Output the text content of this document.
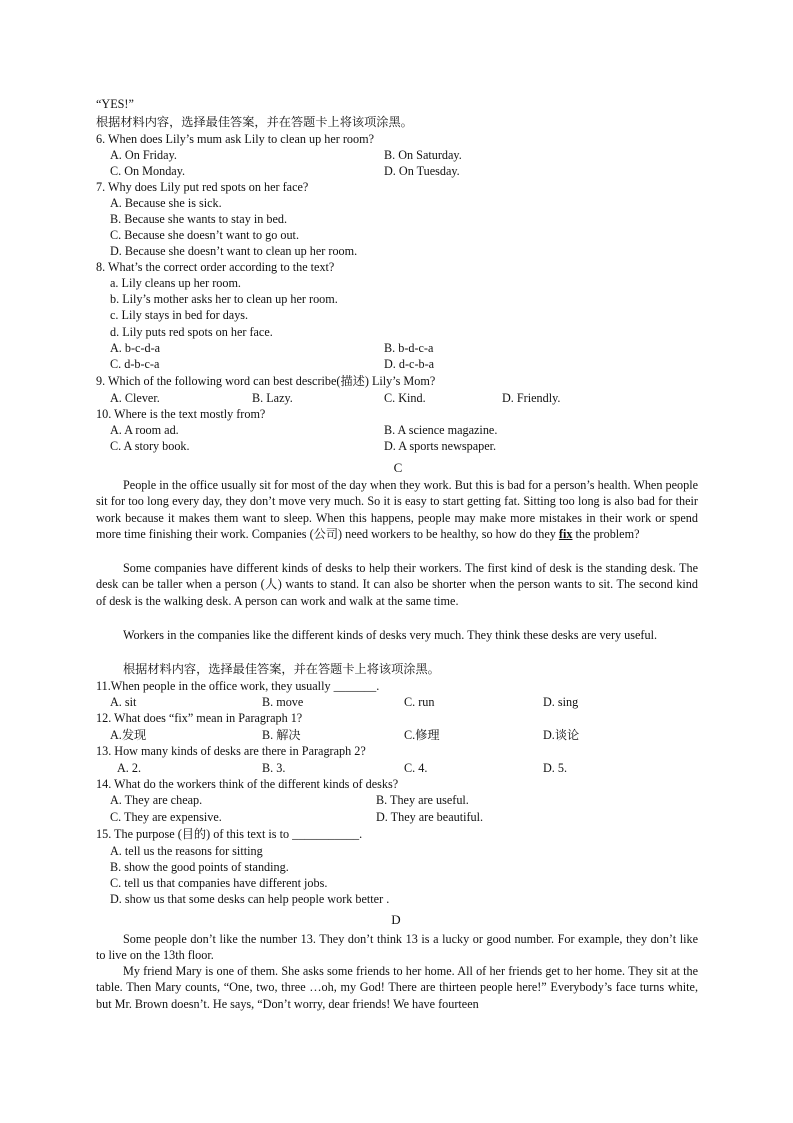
“YES!”
根据材料内容，选择最佳答案，并在答题卡上将该项涂黑。
6. When does Lily’s mum ask Lily to clean up her room?
A. On Friday.	B. On Saturday.
C. On Monday.	D. On Tuesday.
7. Why does Lily put red spots on her face?
A. Because she is sick.
B. Because she wants to stay in bed.
C. Because she doesn’t want to go out.
D. Because she doesn’t want to clean up her room.
8. What’s the correct order according to the text?
a. Lily cleans up her room.
b. Lily’s mother asks her to clean up her room.
c. Lily stays in bed for days.
d. Lily puts red spots on her face.
A. b-c-d-a	B. b-d-c-a
C. d-b-c-a	D. d-c-b-a
9. Which of the following word can best describe(描述) Lily’s Mom?
A. Clever.	B. Lazy.	C. Kind.	D. Friendly.
10. Where is the text mostly from?
A. A room ad.	B. A science magazine.
C. A story book.	D. A sports newspaper.
C
People in the office usually sit for most of the day when they work. But this is bad for a person’s health. When people sit for too long every day, they don’t move very much. So it is easy to start getting fat. Sitting too long is also bad for their work because it makes them want to sleep. When this happens, people may make more mistakes in their work or spend more time finishing their work. Companies (公司) need workers to be healthy, so how do they fix the problem?
Some companies have different kinds of desks to help their workers. The first kind of desk is the standing desk. The desk can be taller when a person (人) wants to stand. It can also be shorter when the person wants to sit. The second kind of desk is the walking desk. A person can work and walk at the same time.
Workers in the companies like the different kinds of desks very much. They think these desks are very useful.
根据材料内容，选择最佳答案，并在答题卡上将该项涂黑。
11.When people in the office work, they usually _______.
A. sit	B. move	C. run	D. sing
12. What does “fix” mean in Paragraph 1?
A.发现	B. 解决	C.修理	D.谈论
13. How many kinds of desks are there in Paragraph 2?
A. 2.	B. 3.	C. 4.	D. 5.
14. What do the workers think of the different kinds of desks?
A. They are cheap.	B. They are useful.
C. They are expensive.	D. They are beautiful.
15. The purpose (目的) of this text is to ___________.
A. tell us the reasons for sitting
B. show the good points of standing.
C. tell us that companies have different jobs.
D. show us that some desks can help people work better .
D
Some people don’t like the number 13. They don’t think 13 is a lucky or good number. For example, they don’t like to live on the 13th floor.
My friend Mary is one of them. She asks some friends to her home. All of her friends get to her home. They sit at the table. Then Mary counts, “One, two, three …oh, my God! There are thirteen people here!” Everybody’s face turns white, but Mr. Brown doesn’t. He says, “Don’t worry, dear friends! We have fourteen
